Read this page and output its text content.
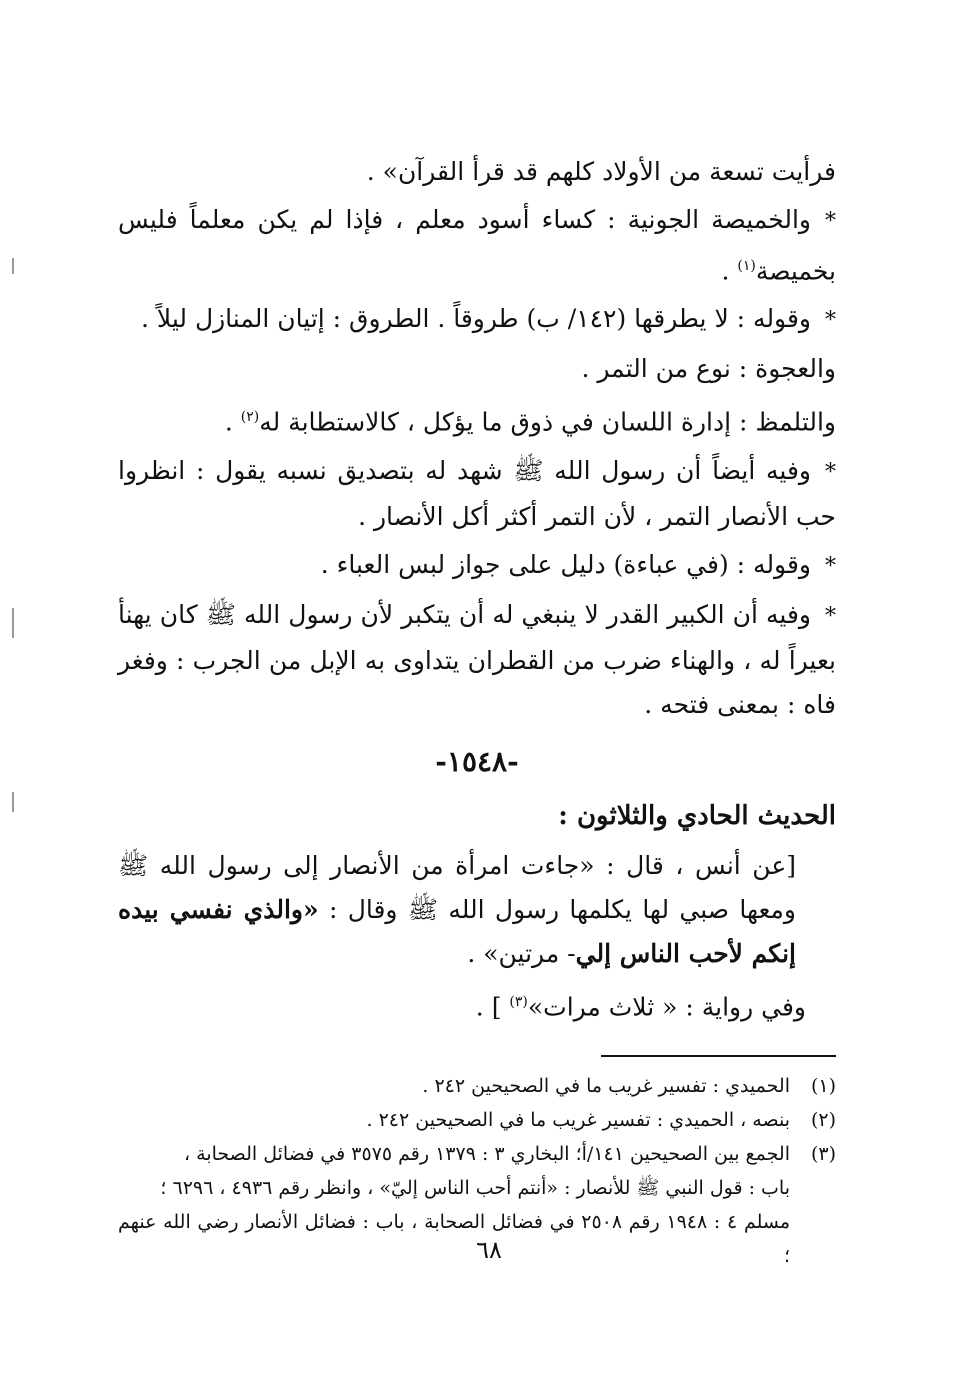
فرأيت تسعة من الأولاد كلهم قد قرأ القرآن» .

*والخميصة الجونية : كساء أسود معلم ، فإذا لم يكن معلماً فليس بخميصة$^{(١)}$ .

*وقوله : لا يطرقها (١٤٢/ ب) طروقاً . الطروق : إتيان المنازل ليلاً .

والعجوة : نوع من التمر .

والتلمظ : إدارة اللسان في ذوق ما يؤكل ، كالاستطابة له$^{(٢)}$ .

*وفيه أيضاً أن رسول الله ﷺ شهد له بتصديق نسبه يقول : انظروا حب الأنصار التمر ، لأن التمر أكثر أكل الأنصار .

*وقوله : (في عباءة) دليل على جواز لبس العباء .

*وفيه أن الكبير القدر لا ينبغي له أن يتكبر لأن رسول الله ﷺ كان يهنأ بعيراً له ، والهناء ضرب من القطران يتداوى به الإبل من الجرب : وفغر فاه : بمعنى فتحه .

-١٥٤٨-
الحديث الحادي والثلاثون :

[عن أنس ، قال : «جاءت امرأة من الأنصار إلى رسول الله ﷺ ومعها صبي لها يكلمها رسول الله ﷺ وقال : «والذي نفسي بيده إنكم لأحب الناس إلي- مرتين» .

وفي رواية : « ثلاث مرات»$^{(٣)}$ ] .

(١)الحميدي : تفسير غريب ما في الصحيحين ٢٤٢ .

(٢)بنصه ، الحميدي : تفسير غريب ما في الصحيحين ٢٤٢ .

(٣)الجمع بين الصحيحين ١٤١/أ؛ البخاري ٣ : ١٣٧٩ رقم ٣٥٧٥ في فضائل الصحابة ،

باب : قول النبي ﷺ للأنصار : «أنتم أحب الناس إليّ» ، وانظر رقم ٤٩٣٦ ، ٦٢٩٦ ؛

مسلم ٤ : ١٩٤٨ رقم ٢٥٠٨ في فضائل الصحابة ، باب : فضائل الأنصار رضي الله عنهم ؛

٦٨
